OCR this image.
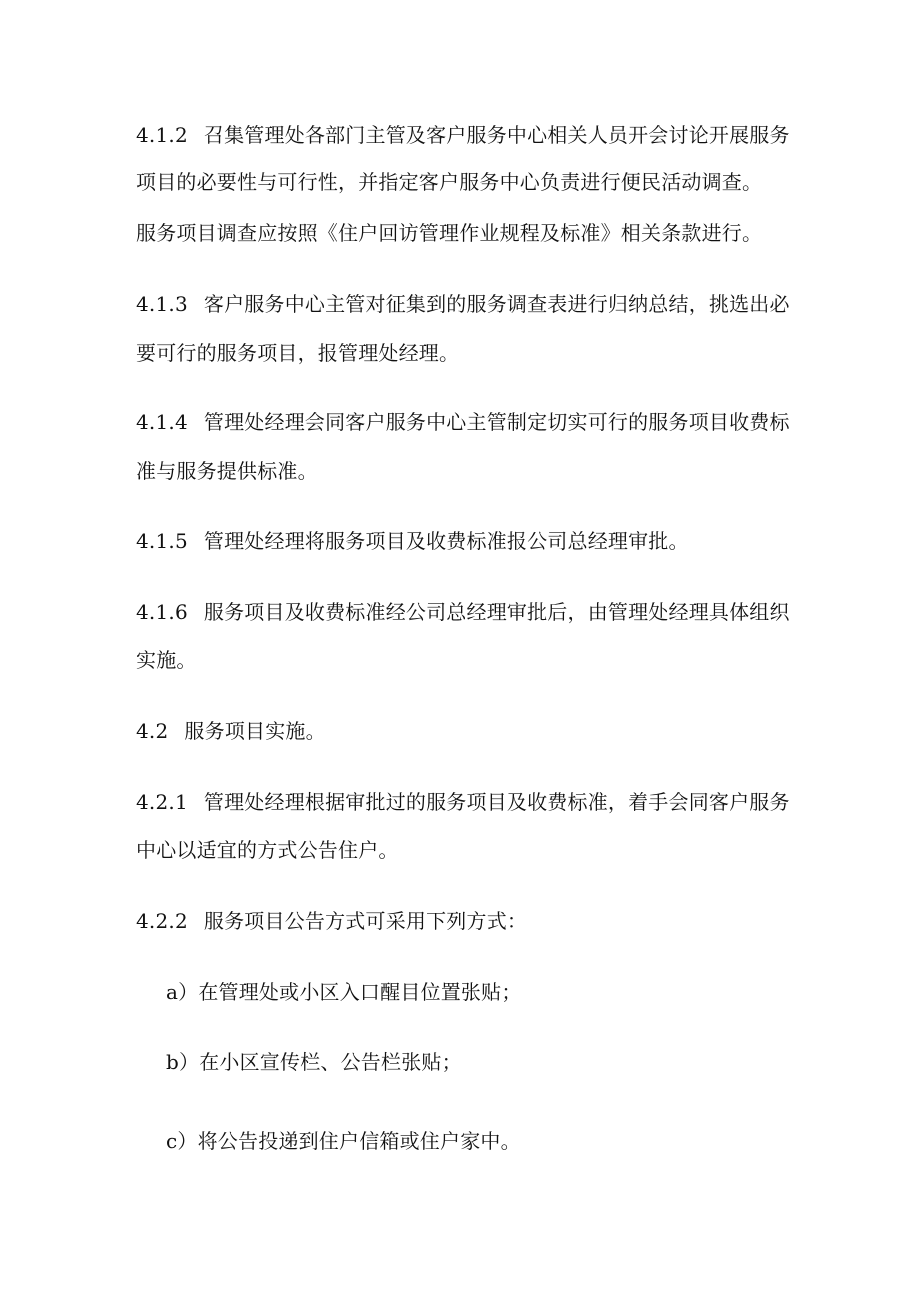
4.1.2 召集管理处各部门主管及客户服务中心相关人员开会讨论开展服务
项目的必要性与可行性，并指定客户服务中心负责进行便民活动调查。
服务项目调查应按照《住户回访管理作业规程及标准》相关条款进行。
4.1.3 客户服务中心主管对征集到的服务调查表进行归纳总结，挑选出必
要可行的服务项目，报管理处经理。
4.1.4 管理处经理会同客户服务中心主管制定切实可行的服务项目收费标
准与服务提供标准。
4.1.5 管理处经理将服务项目及收费标准报公司总经理审批。
4.1.6 服务项目及收费标准经公司总经理审批后，由管理处经理具体组织
实施。
4.2 服务项目实施。
4.2.1 管理处经理根据审批过的服务项目及收费标准，着手会同客户服务
中心以适宜的方式公告住户。
4.2.2 服务项目公告方式可采用下列方式：
a）在管理处或小区入口醒目位置张贴；
b）在小区宣传栏、公告栏张贴；
c）将公告投递到住户信箱或住户家中。
